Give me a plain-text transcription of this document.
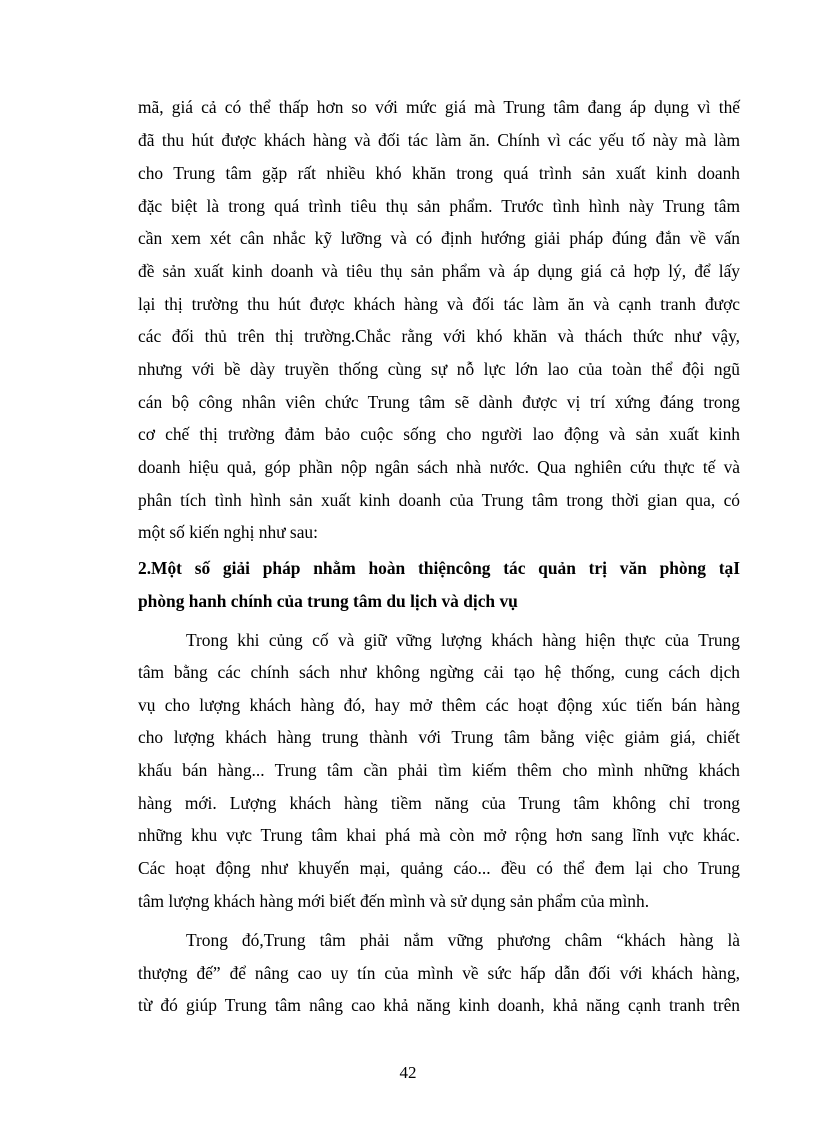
mã, giá cả có thể thấp hơn so với mức giá mà Trung tâm đang áp dụng vì thế
đã thu hút được khách hàng và đối tác làm ăn. Chính vì các yếu tố này mà làm
cho Trung tâm gặp rất nhiều khó khăn trong quá trình sản xuất kinh doanh
đặc biệt là trong quá trình tiêu thụ sản phẩm. Trước tình hình này Trung tâm
cần xem xét cân nhắc kỹ lưỡng và có định hướng giải pháp đúng đắn về vấn
đề sản xuất kinh doanh và tiêu thụ sản phẩm và áp dụng giá cả hợp lý, để lấy
lại thị trường thu hút được khách hàng và đối tác làm ăn và cạnh tranh được
các đối thủ trên thị trường.Chắc rằng với khó khăn và thách thức như vậy,
nhưng với bề dày truyền thống cùng sự nỗ lực lớn lao của toàn thể đội ngũ
cán bộ công nhân viên chức Trung tâm sẽ dành được vị trí xứng đáng trong
cơ chế thị trường đảm bảo cuộc sống cho người lao động và sản xuất kinh
doanh hiệu quả, góp phần nộp ngân sách nhà nước. Qua nghiên cứu thực tế và
phân tích tình hình sản xuất kinh doanh của Trung tâm trong thời gian qua, có
một số kiến nghị như sau:
2.Một số giải pháp nhằm hoàn thiệncông tác quản trị văn phòng tạI
phòng hanh chính của trung tâm du lịch và dịch vụ
Trong khi củng cố và giữ vững lượng khách hàng hiện thực của Trung
tâm bằng các chính sách như không ngừng cải tạo hệ thống, cung cách dịch
vụ cho lượng khách hàng đó, hay mở thêm các hoạt động xúc tiến bán hàng
cho lượng khách hàng trung thành với Trung tâm bằng việc giảm giá, chiết
khấu bán hàng... Trung tâm cần phải tìm kiếm thêm cho mình những khách
hàng mới. Lượng khách hàng tiềm năng của Trung tâm không chỉ trong
những khu vực Trung tâm khai phá mà còn mở rộng hơn sang lĩnh vực khác.
Các hoạt động như khuyến mại, quảng cáo... đều có thể đem lại cho Trung
tâm lượng khách hàng mới biết đến mình và sử dụng sản phẩm của mình.
Trong đó,Trung tâm phải nắm vững phương châm “khách hàng là
thượng đế” để nâng cao uy tín của mình về sức hấp dẫn đối với khách hàng,
từ đó giúp Trung tâm nâng cao khả năng kinh doanh, khả năng cạnh tranh trên
42
